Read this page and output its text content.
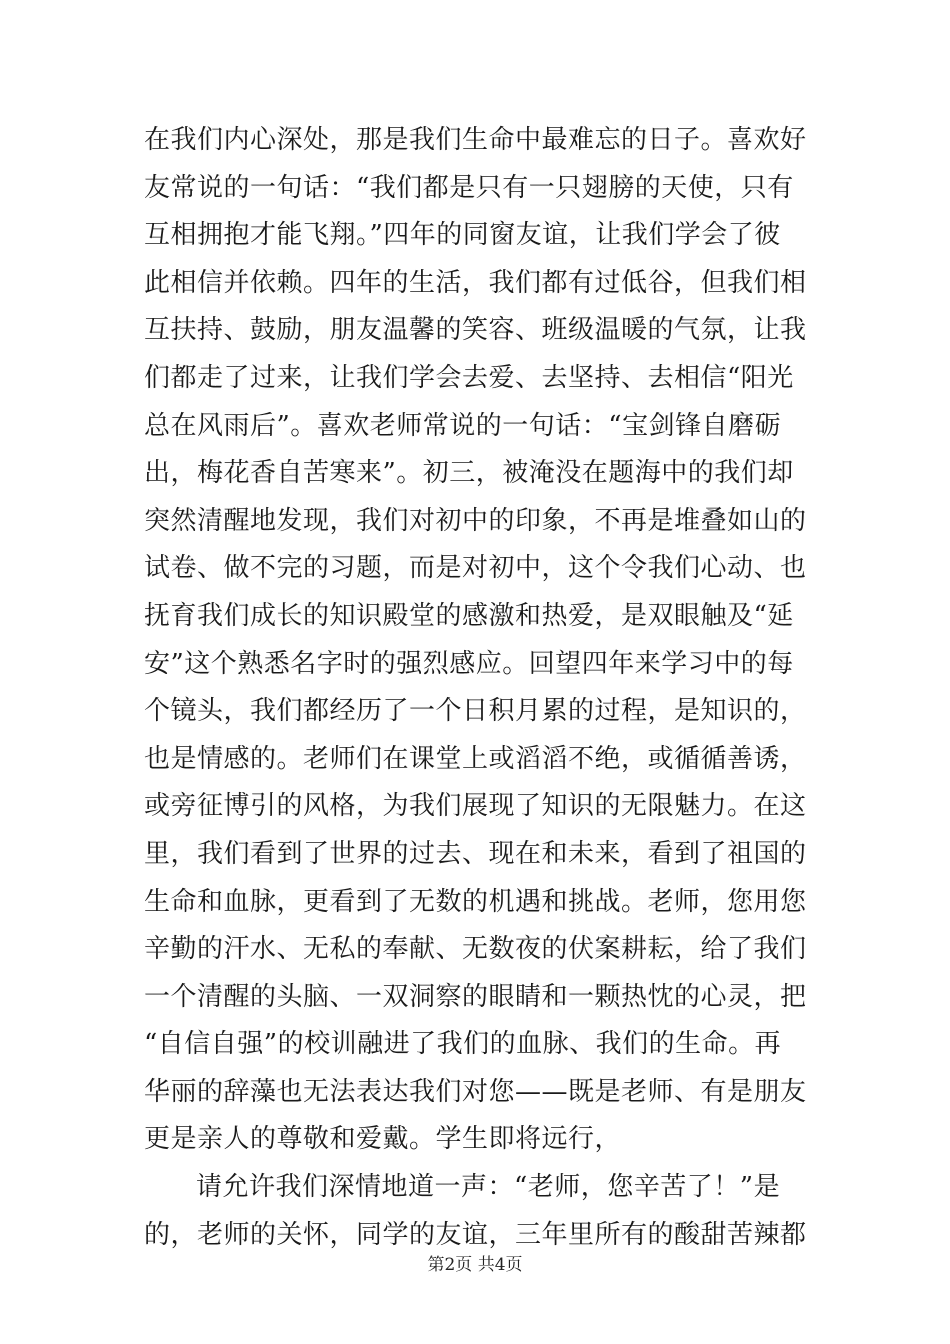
在我们内心深处，那是我们生命中最难忘的日子。喜欢好
友常说的一句话：“我们都是只有一只翅膀的天使，只有
互相拥抱才能飞翔。”四年的同窗友谊，让我们学会了彼
此相信并依赖。四年的生活，我们都有过低谷，但我们相
互扶持、鼓励，朋友温馨的笑容、班级温暖的气氛，让我
们都走了过来，让我们学会去爱、去坚持、去相信“阳光
总在风雨后”。喜欢老师常说的一句话：“宝剑锋自磨砺
出，梅花香自苦寒来”。初三，被淹没在题海中的我们却
突然清醒地发现，我们对初中的印象，不再是堆叠如山的
试卷、做不完的习题，而是对初中，这个令我们心动、也
抚育我们成长的知识殿堂的感激和热爱，是双眼触及“延
安”这个熟悉名字时的强烈感应。回望四年来学习中的每
个镜头，我们都经历了一个日积月累的过程，是知识的，
也是情感的。老师们在课堂上或滔滔不绝，或循循善诱，
或旁征博引的风格，为我们展现了知识的无限魅力。在这
里，我们看到了世界的过去、现在和未来，看到了祖国的
生命和血脉，更看到了无数的机遇和挑战。老师，您用您
辛勤的汗水、无私的奉献、无数夜的伏案耕耘，给了我们
一个清醒的头脑、一双洞察的眼睛和一颗热忱的心灵，把
“自信自强”的校训融进了我们的血脉、我们的生命。再
华丽的辞藻也无法表达我们对您——既是老师、有是朋友
更是亲人的尊敬和爱戴。学生即将远行，
请允许我们深情地道一声：“老师，您辛苦了！”是
的，老师的关怀，同学的友谊，三年里所有的酸甜苦辣都
第2页 共4页
